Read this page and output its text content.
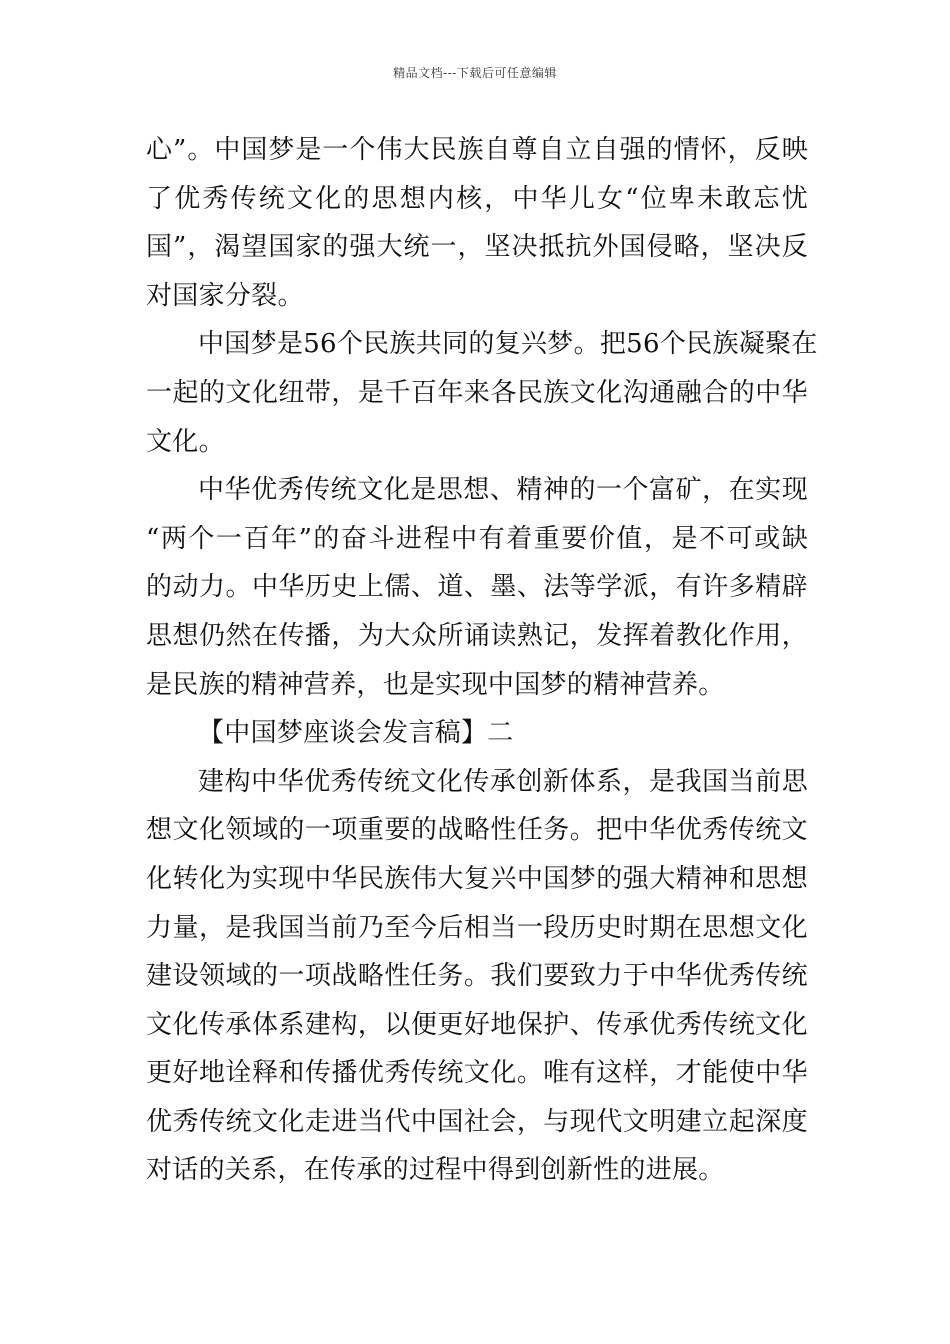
精品文档---下载后可任意编辑
心”。中国梦是一个伟大民族自尊自立自强的情怀，反映
了优秀传统文化的思想内核，中华儿女“位卑未敢忘忧
国”，渴望国家的强大统一，坚决抵抗外国侵略，坚决反
对国家分裂。
中国梦是56个民族共同的复兴梦。把56个民族凝聚在
一起的文化纽带，是千百年来各民族文化沟通融合的中华
文化。
中华优秀传统文化是思想、精神的一个富矿，在实现
“两个一百年”的奋斗进程中有着重要价值，是不可或缺
的动力。中华历史上儒、道、墨、法等学派，有许多精辟
思想仍然在传播，为大众所诵读熟记，发挥着教化作用，
是民族的精神营养，也是实现中国梦的精神营养。
【中国梦座谈会发言稿】二
建构中华优秀传统文化传承创新体系，是我国当前思
想文化领域的一项重要的战略性任务。把中华优秀传统文
化转化为实现中华民族伟大复兴中国梦的强大精神和思想
力量，是我国当前乃至今后相当一段历史时期在思想文化
建设领域的一项战略性任务。我们要致力于中华优秀传统
文化传承体系建构，以便更好地保护、传承优秀传统文化
更好地诠释和传播优秀传统文化。唯有这样，才能使中华
优秀传统文化走进当代中国社会，与现代文明建立起深度
对话的关系，在传承的过程中得到创新性的进展。
